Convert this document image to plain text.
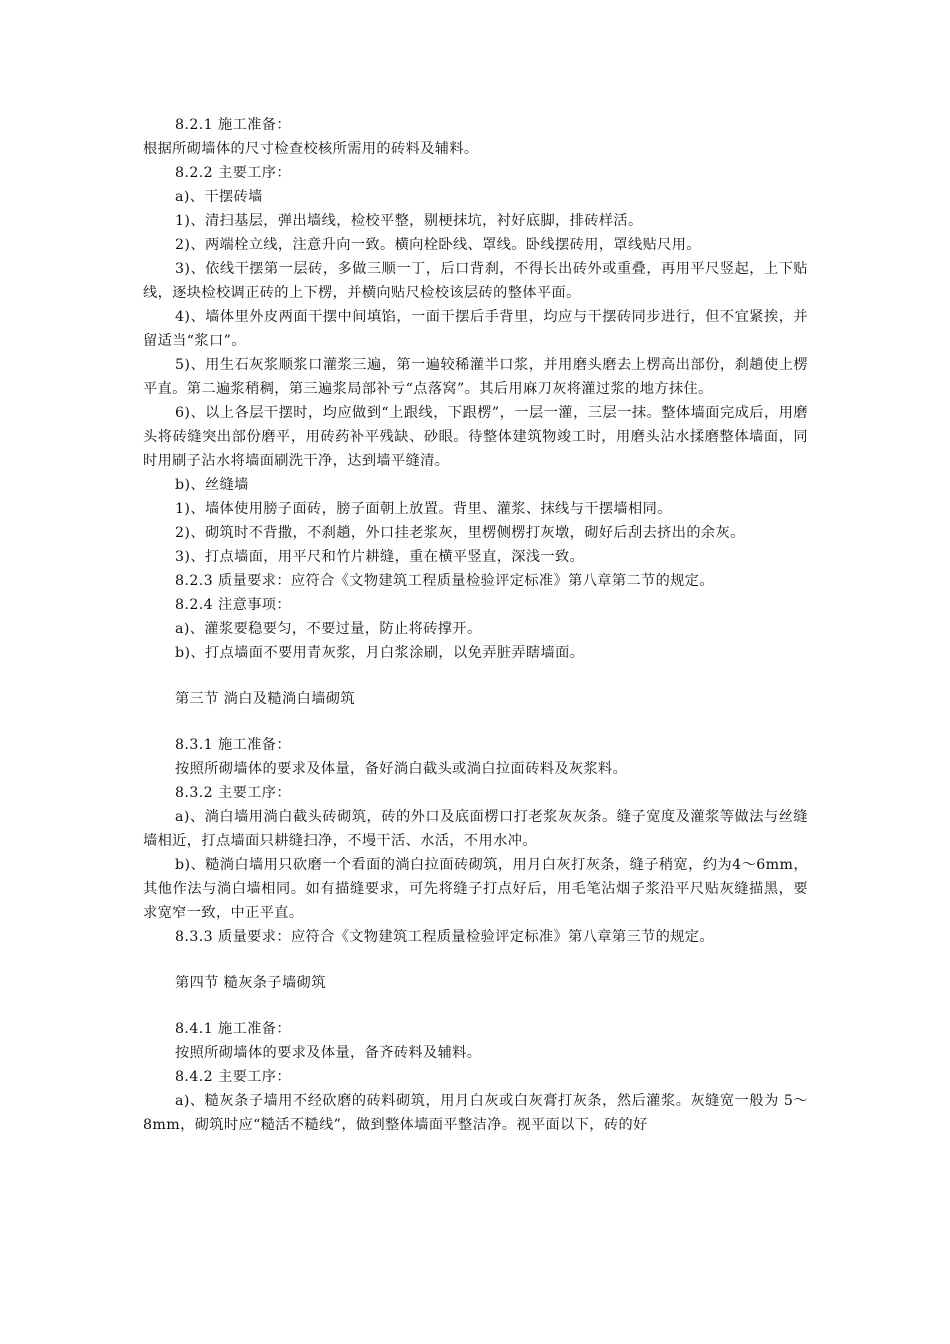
8.2.1 施工准备：

根据所砌墙体的尺寸检查校核所需用的砖料及辅料。

8.2.2 主要工序：

a)、干摆砖墙

1)、清扫基层，弹出墙线，检校平整，剔梗抹坑，衬好底脚，排砖样活。

2)、两端栓立线，注意升向一致。横向栓卧线、罩线。卧线摆砖用，罩线贴尺用。

3)、依线干摆第一层砖，多做三顺一丁，后口背刹，不得长出砖外或重叠，再用平尺竖起，上下贴线，逐块检校调正砖的上下楞，并横向贴尺检校该层砖的整体平面。

4)、墙体里外皮两面干摆中间填馅，一面干摆后手背里，均应与干摆砖同步进行，但不宜紧挨，并留适当“浆口”。

5)、用生石灰浆顺浆口灌浆三遍，第一遍较稀灌半口浆，并用磨头磨去上楞高出部份，刹趟使上楞平直。第二遍浆稍稠，第三遍浆局部补亏“点落窝”。其后用麻刀灰将灌过浆的地方抹住。

6)、以上各层干摆时，均应做到“上跟线，下跟楞”，一层一灌，三层一抹。整体墙面完成后，用磨头将砖缝突出部份磨平，用砖药补平残缺、砂眼。待整体建筑物竣工时，用磨头沾水揉磨整体墙面，同时用刷子沾水将墙面刷洗干净，达到墙平缝清。

b)、丝缝墙

1)、墙体使用膀子面砖，膀子面朝上放置。背里、灌浆、抹线与干摆墙相同。

2)、砌筑时不背撒，不刹趟，外口挂老浆灰，里楞侧楞打灰墩，砌好后刮去挤出的余灰。

3)、打点墙面，用平尺和竹片耕缝，重在横平竖直，深浅一致。

8.2.3 质量要求：应符合《文物建筑工程质量检验评定标准》第八章第二节的规定。

8.2.4 注意事项：

a)、灌浆要稳要匀，不要过量，防止将砖撑开。

b)、打点墙面不要用青灰浆，月白浆涂刷，以免弄脏弄瞎墙面。

第三节 淌白及糙淌白墙砌筑

8.3.1 施工准备：

按照所砌墙体的要求及体量，备好淌白截头或淌白拉面砖料及灰浆料。

8.3.2 主要工序：

a)、淌白墙用淌白截头砖砌筑，砖的外口及底面楞口打老浆灰灰条。缝子宽度及灌浆等做法与丝缝墙相近，打点墙面只耕缝扫净，不墁干活、水活，不用水冲。

b)、糙淌白墙用只砍磨一个看面的淌白拉面砖砌筑，用月白灰打灰条，缝子稍宽，约为4～6mm，其他作法与淌白墙相同。如有描缝要求，可先将缝子打点好后，用毛笔沾烟子浆沿平尺贴灰缝描黑，要求宽窄一致，中正平直。

8.3.3 质量要求：应符合《文物建筑工程质量检验评定标准》第八章第三节的规定。

第四节 糙灰条子墙砌筑

8.4.1 施工准备：

按照所砌墙体的要求及体量，备齐砖料及辅料。

8.4.2 主要工序：

a)、糙灰条子墙用不经砍磨的砖料砌筑，用月白灰或白灰膏打灰条，然后灌浆。灰缝宽一般为 5～8mm，砌筑时应“糙活不糙线”，做到整体墙面平整洁净。视平面以下，砖的好
